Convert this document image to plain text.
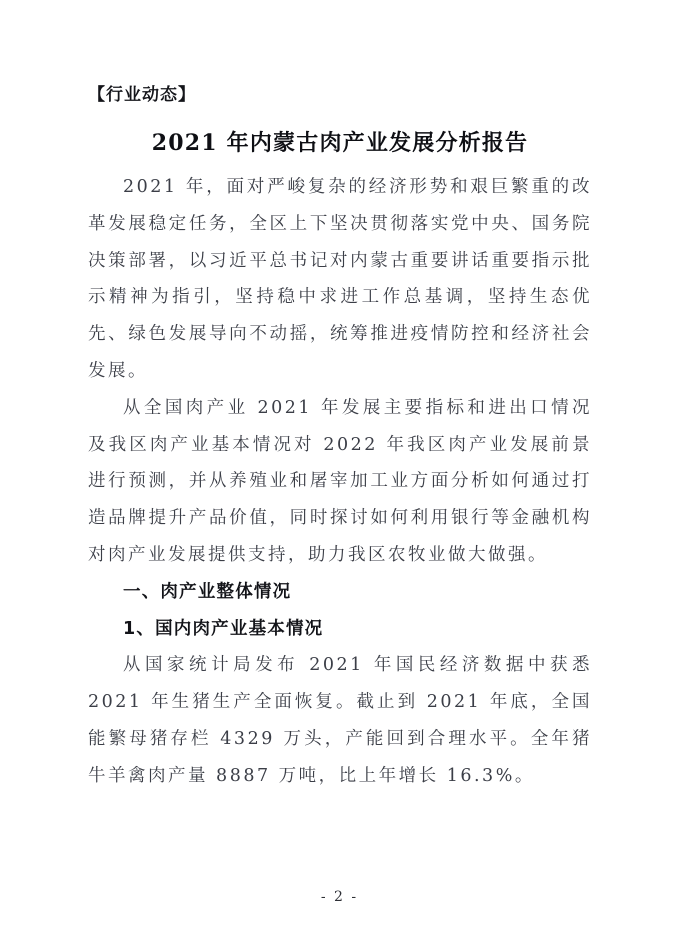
【行业动态】
2021 年内蒙古肉产业发展分析报告

2021 年，面对严峻复杂的经济形势和艰巨繁重的改革发展稳定任务，全区上下坚决贯彻落实党中央、国务院决策部署，以习近平总书记对内蒙古重要讲话重要指示批示精神为指引，坚持稳中求进工作总基调，坚持生态优先、绿色发展导向不动摇，统筹推进疫情防控和经济社会发展。

从全国肉产业 2021 年发展主要指标和进出口情况及我区肉产业基本情况对 2022 年我区肉产业发展前景进行预测，并从养殖业和屠宰加工业方面分析如何通过打造品牌提升产品价值，同时探讨如何利用银行等金融机构对肉产业发展提供支持，助力我区农牧业做大做强。

一、肉产业整体情况
1、国内肉产业基本情况

从国家统计局发布 2021 年国民经济数据中获悉 2021 年生猪生产全面恢复。截止到 2021 年底，全国能繁母猪存栏 4329 万头，产能回到合理水平。全年猪牛羊禽肉产量 8887 万吨，比上年增长 16.3%。

- 2 -
